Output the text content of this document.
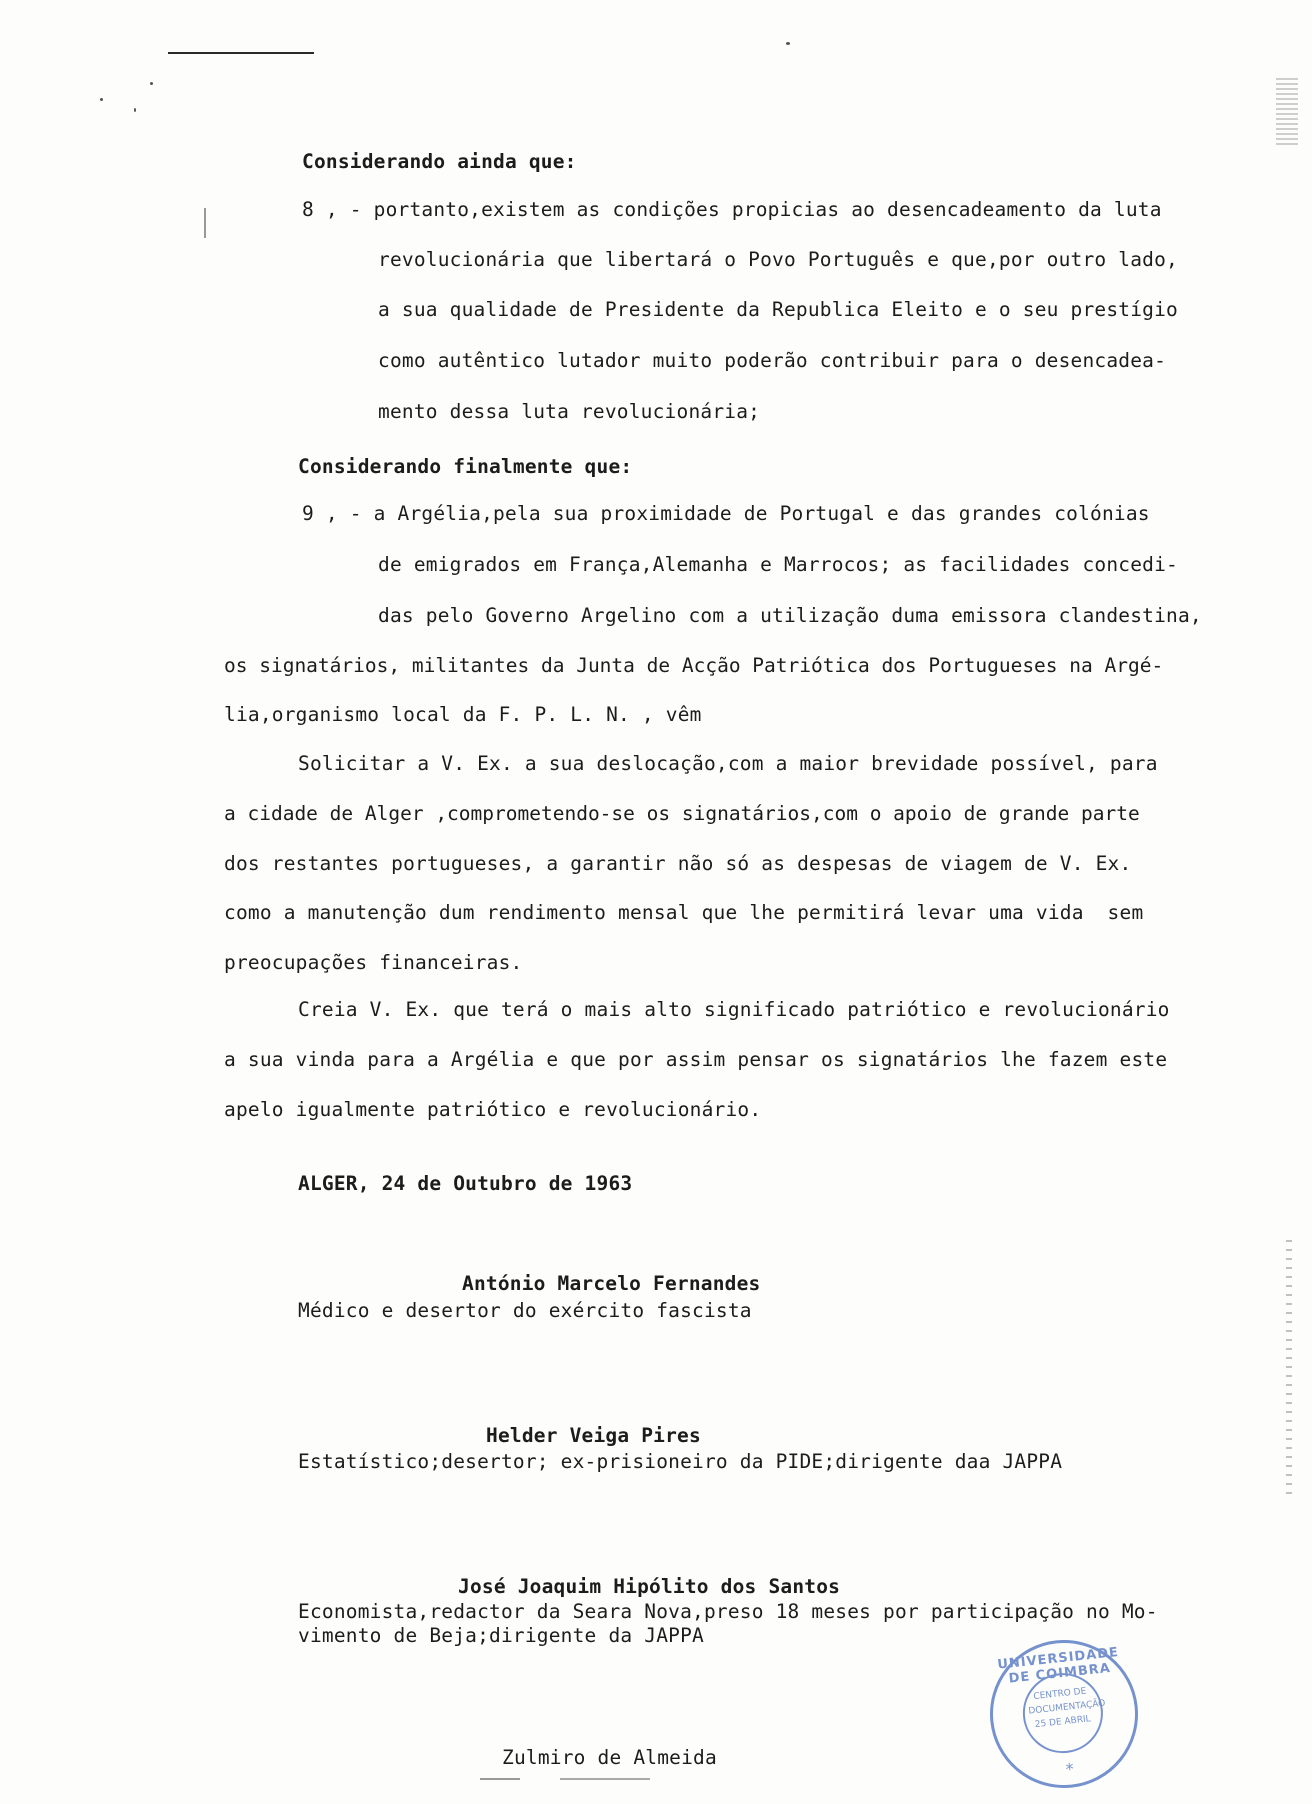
Considerando ainda que:
8 , - portanto,existem as condições propicias ao desencadeamento da luta
revolucionária que libertará o Povo Português e que,por outro lado,
a sua qualidade de Presidente da Republica Eleito e o seu prestígio
como autêntico lutador muito poderão contribuir para o desencadea-
mento dessa luta revolucionária;
Considerando finalmente que:
9 , - a Argélia,pela sua proximidade de Portugal e das grandes colónias
de emigrados em França,Alemanha e Marrocos; as facilidades concedi-
das pelo Governo Argelino com a utilização duma emissora clandestina,
os signatários, militantes da Junta de Acção Patriótica dos Portugueses na Argé-
lia,organismo local da F. P. L. N. , vêm
Solicitar a V. Ex. a sua deslocação,com a maior brevidade possível, para
a cidade de Alger ,comprometendo-se os signatários,com o apoio de grande parte
dos restantes portugueses, a garantir não só as despesas de viagem de V. Ex.
como a manutenção dum rendimento mensal que lhe permitirá levar uma vida  sem
preocupações financeiras.
Creia V. Ex. que terá o mais alto significado patriótico e revolucionário
a sua vinda para a Argélia e que por assim pensar os signatários lhe fazem este
apelo igualmente patriótico e revolucionário.
ALGER, 24 de Outubro de 1963
António Marcelo Fernandes
Médico e desertor do exército fascista
Helder Veiga Pires
Estatístico;desertor; ex-prisioneiro da PIDE;dirigente daa JAPPA
José Joaquim Hipólito dos Santos
Economista,redactor da Seara Nova,preso 18 meses por participação no Mo-
vimento de Beja;dirigente da JAPPA
Zulmiro de Almeida
UNIVERSIDADE DE COIMBRA
CENTRO DE
DOCUMENTAÇÃO
25 DE ABRIL
*
